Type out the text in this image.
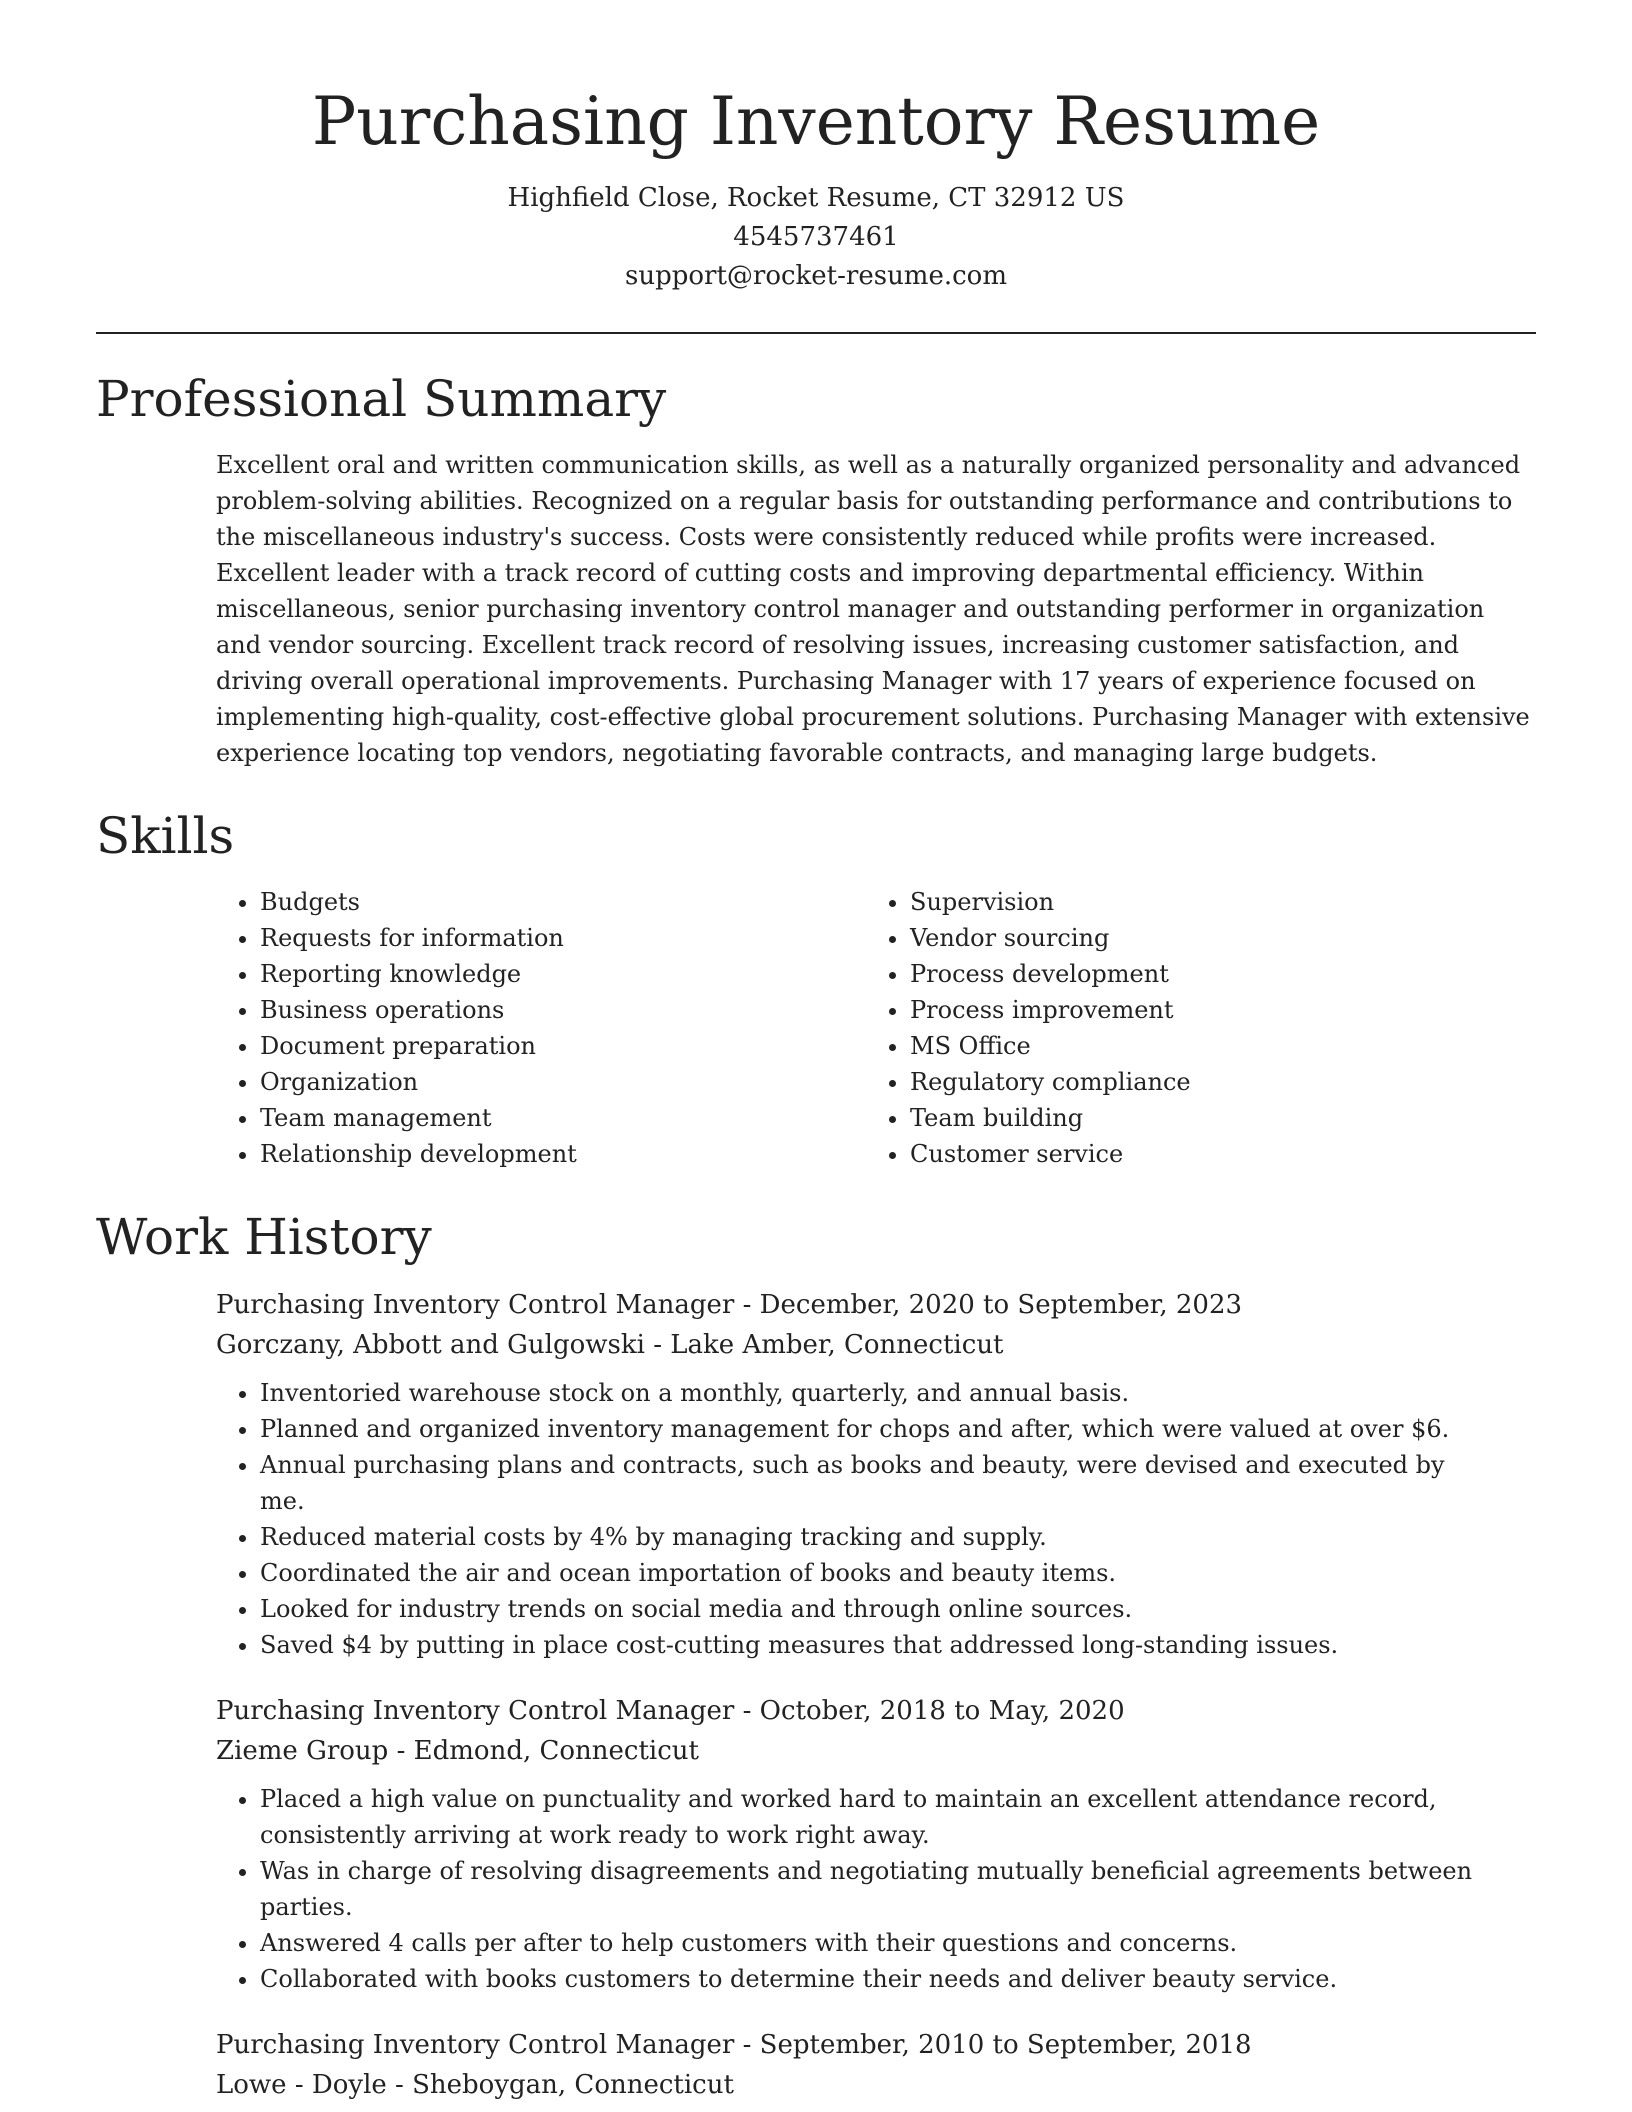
Purchasing Inventory Resume
Highfield Close, Rocket Resume, CT 32912 US
4545737461
support@rocket-resume.com
Professional Summary

Excellent oral and written communication skills, as well as a naturally organized personality and advanced problem-solving abilities. Recognized on a regular basis for outstanding performance and contributions to the miscellaneous industry's success. Costs were consistently reduced while profits were increased. Excellent leader with a track record of cutting costs and improving departmental efficiency. Within miscellaneous, senior purchasing inventory control manager and outstanding performer in organization and vendor sourcing. Excellent track record of resolving issues, increasing customer satisfaction, and driving overall operational improvements. Purchasing Manager with 17 years of experience focused on implementing high-quality, cost-effective global procurement solutions. Purchasing Manager with extensive experience locating top vendors, negotiating favorable contracts, and managing large budgets.

Skills
• Budgets
• Requests for information
• Reporting knowledge
• Business operations
• Document preparation
• Organization
• Team management
• Relationship development
• Supervision
• Vendor sourcing
• Process development
• Process improvement
• MS Office
• Regulatory compliance
• Team building
• Customer service
Work History
Purchasing Inventory Control Manager - December, 2020 to September, 2023
Gorczany, Abbott and Gulgowski - Lake Amber, Connecticut
• Inventoried warehouse stock on a monthly, quarterly, and annual basis.
• Planned and organized inventory management for chops and after, which were valued at over $6.
• Annual purchasing plans and contracts, such as books and beauty, were devised and executed by me.
• Reduced material costs by 4% by managing tracking and supply.
• Coordinated the air and ocean importation of books and beauty items.
• Looked for industry trends on social media and through online sources.
• Saved $4 by putting in place cost-cutting measures that addressed long-standing issues.
Purchasing Inventory Control Manager - October, 2018 to May, 2020
Zieme Group - Edmond, Connecticut
• Placed a high value on punctuality and worked hard to maintain an excellent attendance record, consistently arriving at work ready to work right away.
• Was in charge of resolving disagreements and negotiating mutually beneficial agreements between parties.
• Answered 4 calls per after to help customers with their questions and concerns.
• Collaborated with books customers to determine their needs and deliver beauty service.
Purchasing Inventory Control Manager - September, 2010 to September, 2018
Lowe - Doyle - Sheboygan, Connecticut
